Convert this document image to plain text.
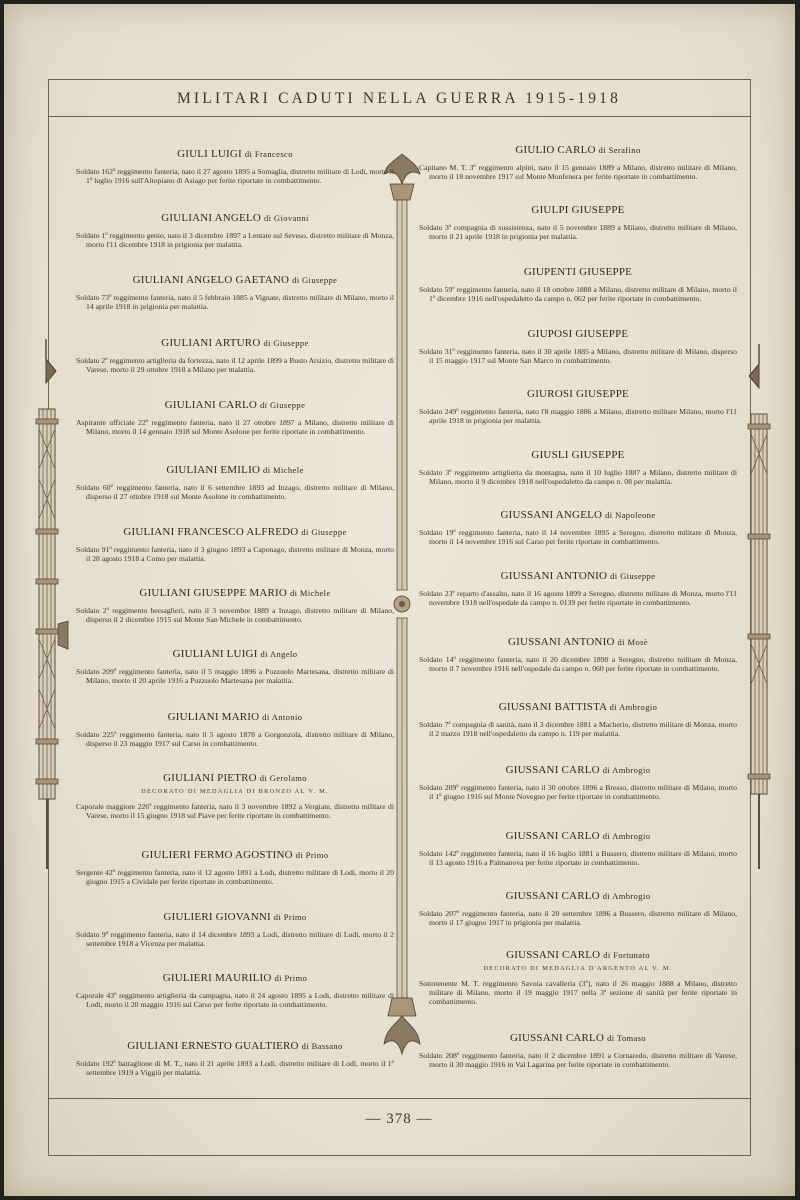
MILITARI CADUTI NELLA GUERRA 1915-1918
GIULI LUIGI di Francesco
Soldato 162º reggimento fanteria, nato il 27 agosto 1895 a Somaglia, distretto militare di Lodi, morto il 1º luglio 1916 sull'Altopiano di Asiago per ferite riportate in combattimento.
GIULIANI ANGELO di Giovanni
Soldato 1º reggimento genio, nato il 3 dicembre 1897 a Lentate sul Seveso, distretto militare di Monza, morto l'11 dicembre 1918 in prigionia per malattia.
GIULIANI ANGELO GAETANO di Giuseppe
Soldato 73º reggimento fanteria, nato il 5 febbraio 1885 a Vignate, distretto militare di Milano, morto il 14 aprile 1918 in prigionia per malattia.
GIULIANI ARTURO di Giuseppe
Soldato 2º reggimento artiglieria da fortezza, nato il 12 aprile 1899 a Busto Arsizio, distretto militare di Varese, morto il 29 ottobre 1918 a Milano per malattia.
GIULIANI CARLO di Giuseppe
Aspirante ufficiale 22º reggimento fanteria, nato il 27 ottobre 1897 a Milano, distretto militare di Milano, morto il 14 gennaio 1918 sul Monte Asolone per ferite riportate in combattimento.
GIULIANI EMILIO di Michele
Soldato 60º reggimento fanteria, nato il 6 settembre 1893 ad Inzago, distretto militare di Milano, disperso il 27 ottobre 1918 sul Monte Asolone in combattimento.
GIULIANI FRANCESCO ALFREDO di Giuseppe
Soldato 91º reggimento fanteria, nato il 3 giugno 1893 a Caponago, distretto militare di Monza, morto il 28 agosto 1918 a Como per malattia.
GIULIANI GIUSEPPE MARIO di Michele
Soldato 2º reggimento bersaglieri, nato il 3 novembre 1889 a Inzago, distretto militare di Milano, disperso il 2 dicembre 1915 sul Monte San Michele in combattimento.
GIULIANI LUIGI di Angelo
Soldato 209º reggimento fanteria, nato il 5 maggio 1896 a Pozzuolo Martesana, distretto militare di Milano, morto il 20 aprile 1916 a Pozzuolo Martesana per malattia.
GIULIANI MARIO di Antonio
Soldato 225º reggimento fanteria, nato il 5 agosto 1878 a Gorgonzola, distretto militare di Milano, disperso il 23 maggio 1917 sul Carso in combattimento.
GIULIANI PIETRO di Gerolamo
DECORATO DI MEDAGLIA DI BRONZO AL V. M.
Caporale maggiore 226º reggimento fanteria, nato il 3 novembre 1892 a Vergiate, distretto militare di Varese, morto il 15 giugno 1918 sul Piave per ferite riportate in combattimento.
GIULIERI FERMO AGOSTINO di Primo
Sergente 42º reggimento fanteria, nato il 12 agosto 1891 a Lodi, distretto militare di Lodi, morto il 20 giugno 1915 a Cividale per ferite riportate in combattimento.
GIULIERI GIOVANNI di Primo
Soldato 9º reggimento fanteria, nato il 14 dicembre 1893 a Lodi, distretto militare di Lodi, morto il 2 settembre 1918 a Vicenza per malattia.
GIULIERI MAURILIO di Primo
Caporale 43º reggimento artiglieria da campagna, nato il 24 agosto 1895 a Lodi, distretto militare di Lodi, morto il 20 maggio 1916 sul Carso per ferite riportate in combattimento.
GIULIANI ERNESTO GUALTIERO di Bassano
Soldato 192º battaglione di M. T., nato il 21 aprile 1893 a Lodi, distretto militare di Lodi, morto il 1º settembre 1919 a Viggiù per malattia.
GIULIO CARLO di Serafino
Capitano M. T. 3º reggimento alpini, nato il 15 gennaio 1889 a Milano, distretto militare di Milano, morto il 18 novembre 1917 sul Monte Monfenera per ferite riportate in combattimento.
GIULPI GIUSEPPE
Soldato 3ª compagnia di sussistenza, nato il 5 novembre 1889 a Milano, distretto militare di Milano, morto il 21 aprile 1918 in prigionia per malattia.
GIUPENTI GIUSEPPE
Soldato 59º reggimento fanteria, nato il 18 ottobre 1888 a Milano, distretto militare di Milano, morto il 1º dicembre 1916 nell'ospedaletto da campo n. 062 per ferite riportate in combattimento.
GIUPOSI GIUSEPPE
Soldato 31º reggimento fanteria, nato il 30 aprile 1885 a Milano, distretto militare di Milano, disperso il 15 maggio 1917 sul Monte San Marco in combattimento.
GIUROSI GIUSEPPE
Soldato 249º reggimento fanteria, nato l'8 maggio 1886 a Milano, distretto militare Milano, morto l'11 aprile 1918 in prigionia per malattia.
GIUSLI GIUSEPPE
Soldato 3º reggimento artiglieria da montagna, nato il 10 luglio 1887 a Milano, distretto militare di Milano, morto il 9 dicembre 1918 nell'ospedaletto da campo n. 08 per malattia.
GIUSSANI ANGELO di Napoleone
Soldato 19º reggimento fanteria, nato il 14 novembre 1895 a Seregno, distretto militare di Monza, morto il 14 novembre 1916 sul Carso per ferite riportate in combattimento.
GIUSSANI ANTONIO di Giuseppe
Soldato 23º reparto d'assalto, nato il 16 agosto 1899 a Seregno, distretto militare di Monza, morto l'11 novembre 1918 nell'ospedale da campo n. 0139 per ferite riportate in combattimento.
GIUSSANI ANTONIO di Mosè
Soldato 14º reggimento fanteria, nato il 20 dicembre 1890 a Seregno, distretto militare di Monza, morto il 7 novembre 1916 nell'ospedale da campo n. 060 per ferite riportate in combattimento.
GIUSSANI BATTISTA di Ambrogio
Soldato 7ª compagnia di sanità, nato il 3 dicembre 1881 a Macherio, distretto militare di Monza, morto il 2 marzo 1918 nell'ospedaletto da campo n. 119 per malattia.
GIUSSANI CARLO di Ambrogio
Soldato 209º reggimento fanteria, nato il 30 ottobre 1896 a Bresso, distretto militare di Milano, morto il 1º giugno 1916 sul Monte Novegno per ferite riportate in combattimento.
GIUSSANI CARLO di Ambrogio
Soldato 142º reggimento fanteria, nato il 16 luglio 1881 a Bussero, distretto militare di Milano, morto il 13 agosto 1916 a Palmanova per ferite riportate in combattimento.
GIUSSANI CARLO di Ambrogio
Soldato 207º reggimento fanteria, nato il 20 settembre 1896 a Bussero, distretto militare di Milano, morto il 17 giugno 1917 in prigionia per malattia.
GIUSSANI CARLO di Fortunato
DECORATO DI MEDAGLIA D'ARGENTO AL V. M.
Sottotenente M. T. reggimento Savoia cavalleria (3º), nato il 26 maggio 1888 a Milano, distretto militare di Milano, morto il 19 maggio 1917 nella 3ª sezione di sanità per ferite riportate in combattimento.
GIUSSANI CARLO di Tomaso
Soldato 208º reggimento fanteria, nato il 2 dicembre 1891 a Cornaredo, distretto militare di Varese, morto il 30 maggio 1916 in Val Lagarina per ferite riportate in combattimento.
— 378 —
